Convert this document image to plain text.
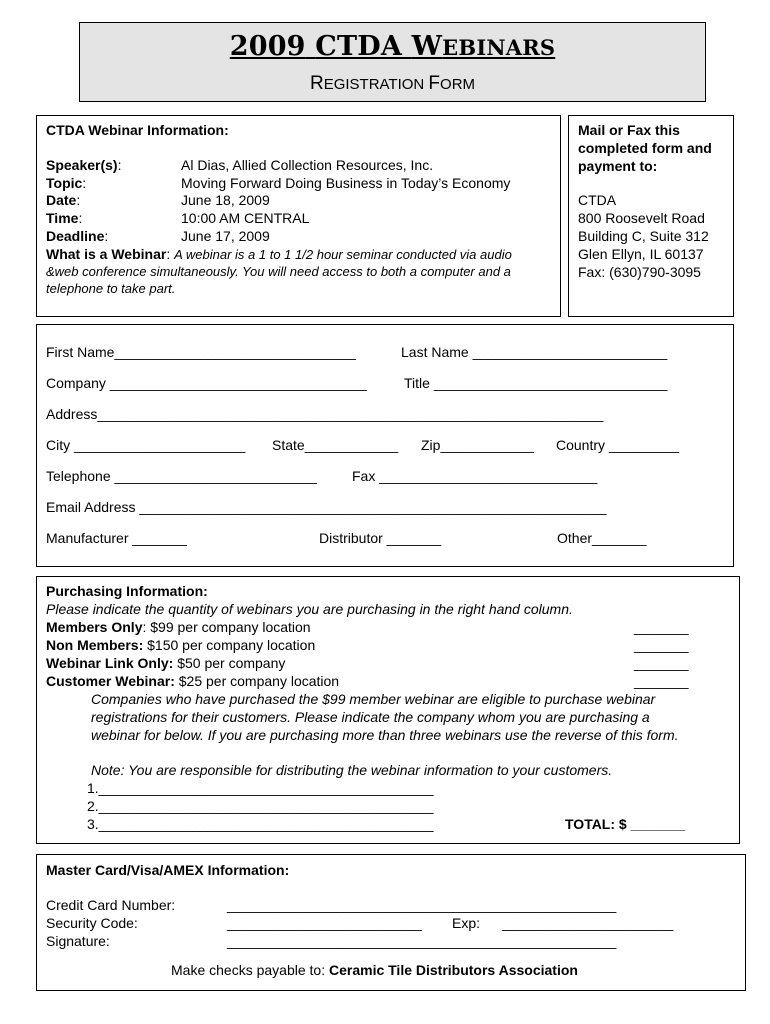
2009 CTDA WEBINARS
REGISTRATION FORM
CTDA Webinar Information:
Speaker(s):	Al Dias, Allied Collection Resources, Inc.
Topic:	Moving Forward Doing Business in Today’s Economy
Date:	June 18, 2009
Time:	10:00 AM CENTRAL
Deadline:	June 17, 2009
What is a Webinar: A webinar is a 1 to 1 1/2 hour seminar conducted via audio
&web conference simultaneously. You will need access to both a computer and a
telephone to take part.
Mail or Fax this
completed form and
payment to:
CTDA
800 Roosevelt Road
Building C, Suite 312
Glen Ellyn, IL 60137
Fax: (630)790-3095
First Name_______________________________	Last Name _________________________
Company _________________________________	Title ______________________________
Address_________________________________________________________________
City ______________________ State____________ Zip____________ Country _________
Telephone __________________________	Fax ____________________________
Email Address ____________________________________________________________
Manufacturer _______	Distributor _______	Other_______
Purchasing Information:
Please indicate the quantity of webinars you are purchasing in the right hand column.
Members Only: $99 per company location	_______
Non Members: $150 per company location	_______
Webinar Link Only: $50 per company	_______
Customer Webinar: $25 per company location	_______
Companies who have purchased the $99 member webinar are eligible to purchase webinar
registrations for their customers. Please indicate the company whom you are purchasing a
webinar for below. If you are purchasing more than three webinars use the reverse of this form.
Note: You are responsible for distributing the webinar information to your customers.
1.___________________________________________
2.___________________________________________
3.___________________________________________	TOTAL: $ _______
Master Card/Visa/AMEX Information:
Credit Card Number:	__________________________________________________
Security Code:	_________________________ Exp: ______________________
Signature:	__________________________________________________
Make checks payable to: Ceramic Tile Distributors Association
